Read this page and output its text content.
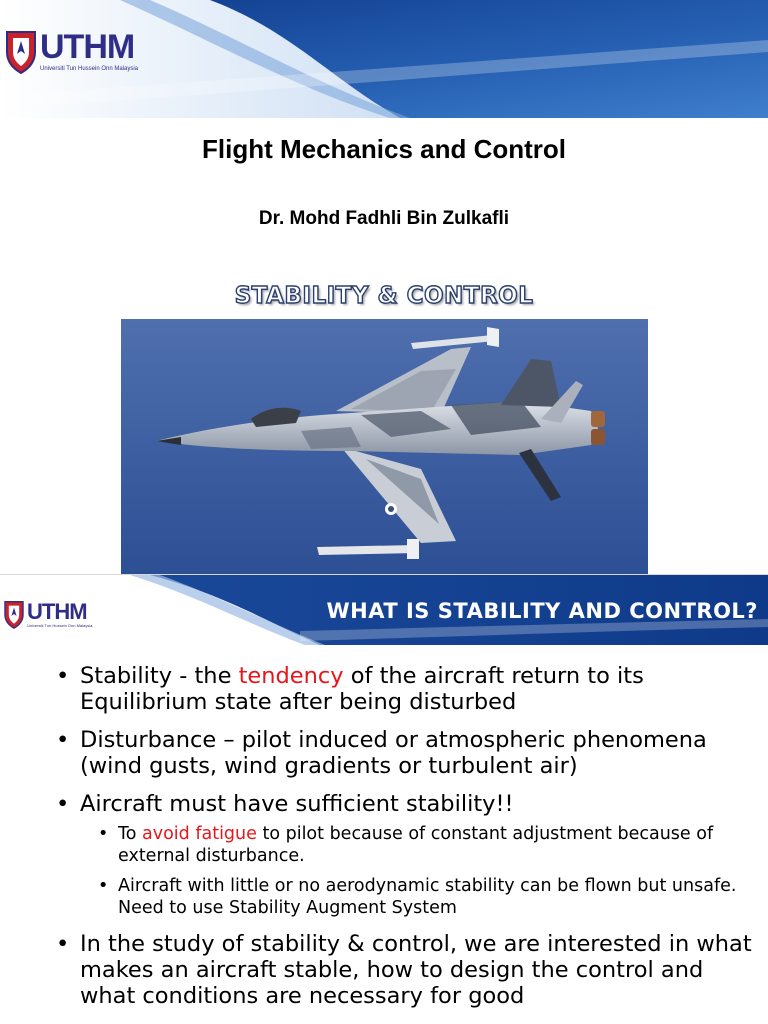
UTHM
Universiti Tun Hussein Onn Malaysia
Flight Mechanics and Control
Dr. Mohd Fadhli Bin Zulkafli
STABILITY & CONTROL
UTHM
Universiti Tun Hussein Onn Malaysia
WHAT IS STABILITY AND CONTROL?
• Stability - the tendency of the aircraft return to its Equilibrium state after being disturbed
• Disturbance – pilot induced or atmospheric phenomena (wind gusts, wind gradients or turbulent air)
• Aircraft must have sufficient stability!!
• To avoid fatigue to pilot because of constant adjustment because of external disturbance.
• Aircraft with little or no aerodynamic stability can be flown but unsafe. Need to use Stability Augment System
• In the study of stability & control, we are interested in what makes an aircraft stable, how to design the control and what conditions are necessary for good
